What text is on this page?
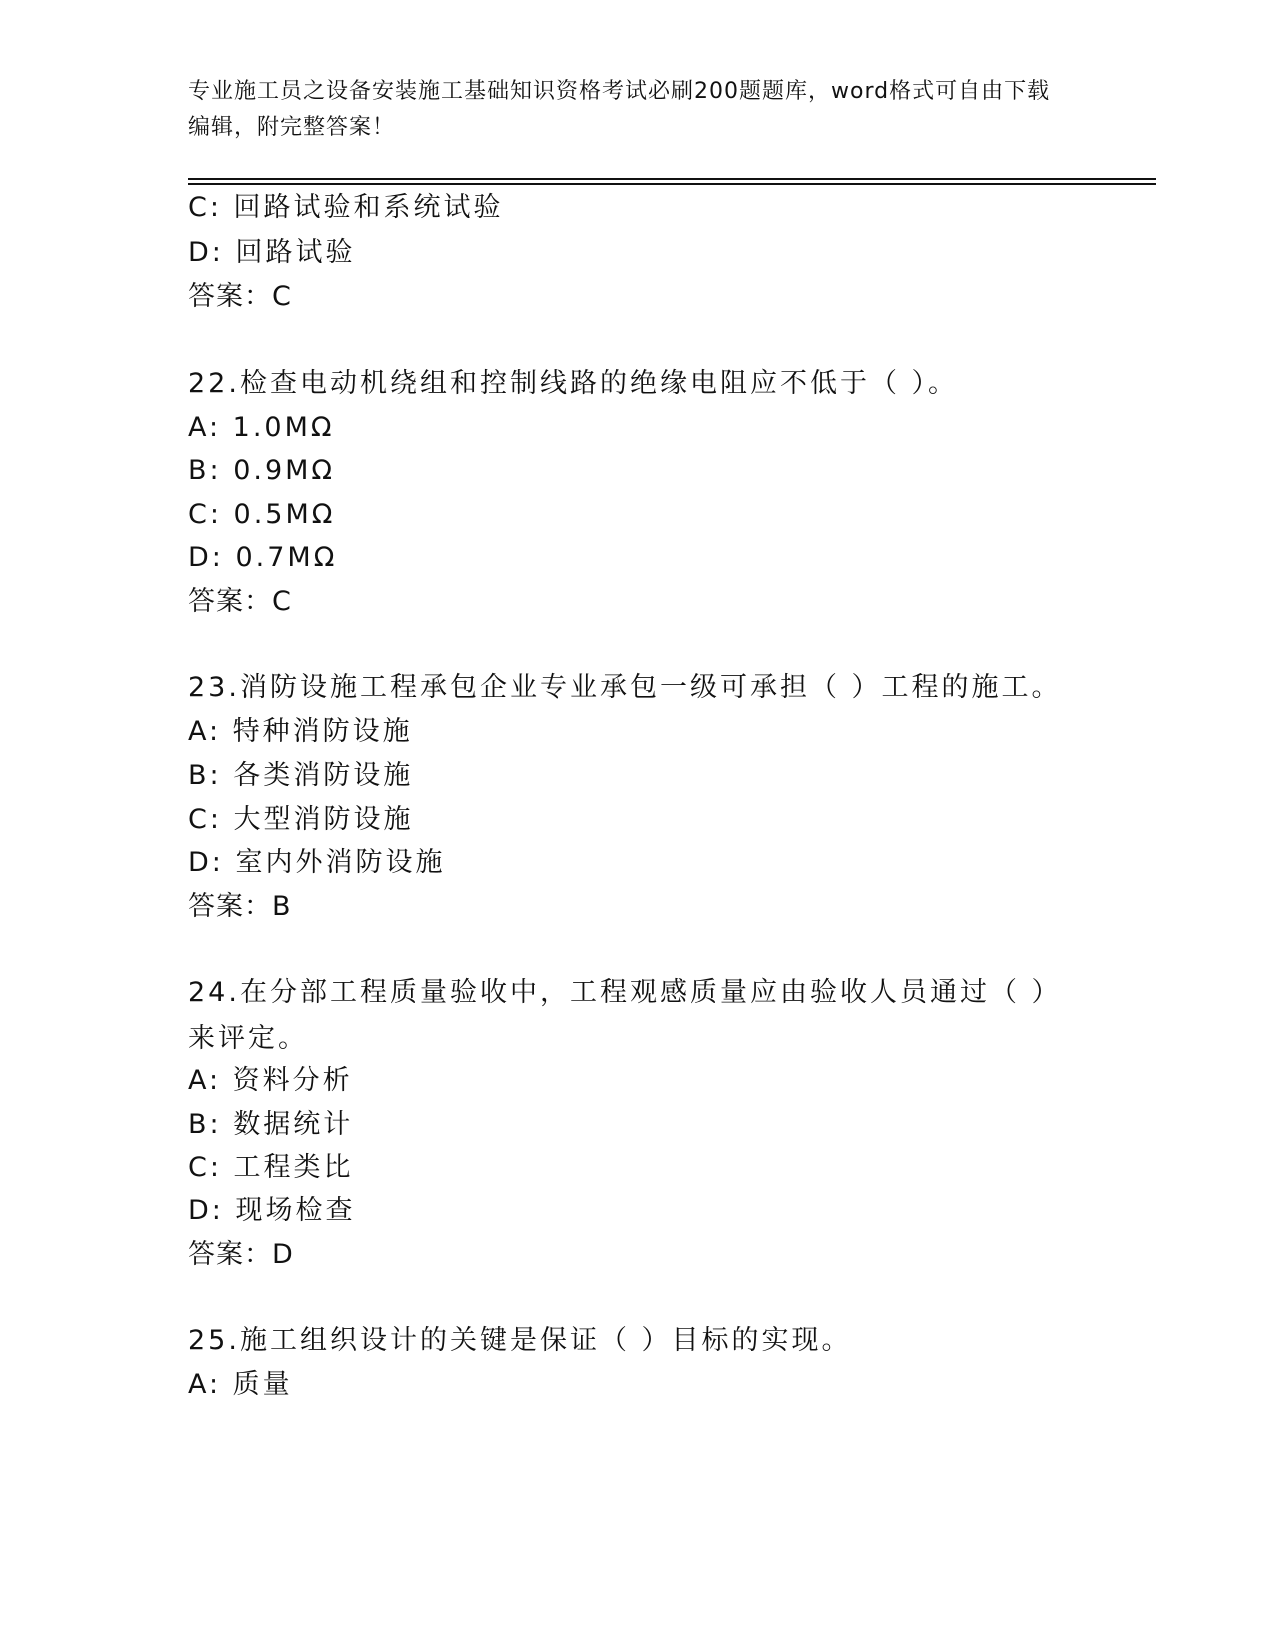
专业施工员之设备安装施工基础知识资格考试必刷200题题库，word格式可自由下载编辑，附完整答案！
C: 回路试验和系统试验
D: 回路试验
答案：C
22.检查电动机绕组和控制线路的绝缘电阻应不低于（ ）。
A: 1.0MΩ
B: 0.9MΩ
C: 0.5MΩ
D: 0.7MΩ
答案：C
23.消防设施工程承包企业专业承包一级可承担（ ）工程的施工。
A: 特种消防设施
B: 各类消防设施
C: 大型消防设施
D: 室内外消防设施
答案：B
24.在分部工程质量验收中，工程观感质量应由验收人员通过（ ）来评定。
A: 资料分析
B: 数据统计
C: 工程类比
D: 现场检查
答案：D
25.施工组织设计的关键是保证（ ）目标的实现。
A: 质量
